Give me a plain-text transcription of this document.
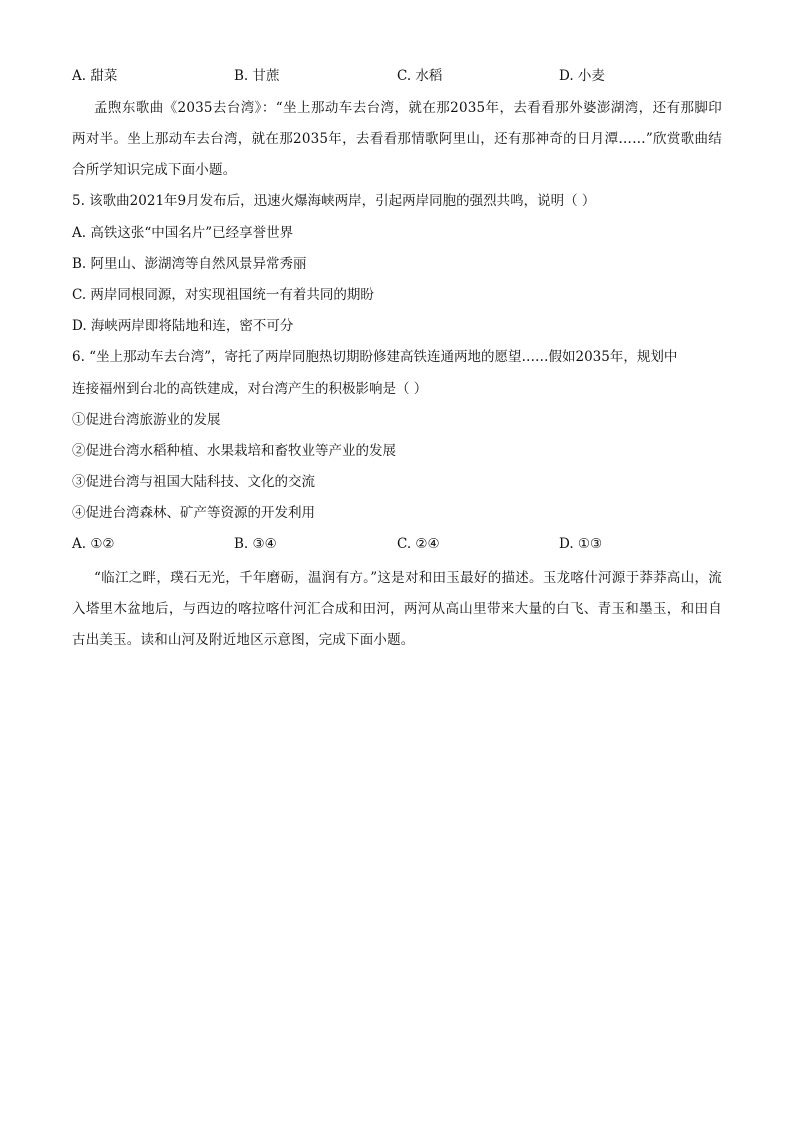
A. 甜菜	B. 甘蔗	C. 水稻	D. 小麦
孟煦东歌曲《2035去台湾》：“坐上那动车去台湾，就在那2035年，去看看那外婆澎湖湾，还有那脚印两对半。坐上那动车去台湾，就在那2035年，去看看那情歌阿里山，还有那神奇的日月潭……”欣赏歌曲结合所学知识完成下面小题。
5. 该歌曲2021年9月发布后，迅速火爆海峡两岸，引起两岸同胞的强烈共鸣，说明（ ）
A. 高铁这张“中国名片”已经享誉世界
B. 阿里山、澎湖湾等自然风景异常秀丽
C. 两岸同根同源，对实现祖国统一有着共同的期盼
D. 海峡两岸即将陆地和连，密不可分
6. “坐上那动车去台湾”，寄托了两岸同胞热切期盼修建高铁连通两地的愿望……假如2035年，规划中
连接福州到台北的高铁建成，对台湾产生的积极影响是（ ）
①促进台湾旅游业的发展
②促进台湾水稻种植、水果栽培和畜牧业等产业的发展
③促进台湾与祖国大陆科技、文化的交流
④促进台湾森林、矿产等资源的开发利用
A. ①②	B. ③④	C. ②④	D. ①③
“临江之畔，璞石无光，千年磨砺，温润有方。”这是对和田玉最好的描述。玉龙喀什河源于莽莽高山，流入塔里木盆地后，与西边的喀拉喀什河汇合成和田河，两河从高山里带来大量的白飞、青玉和墨玉，和田自古出美玉。读和山河及附近地区示意图，完成下面小题。
